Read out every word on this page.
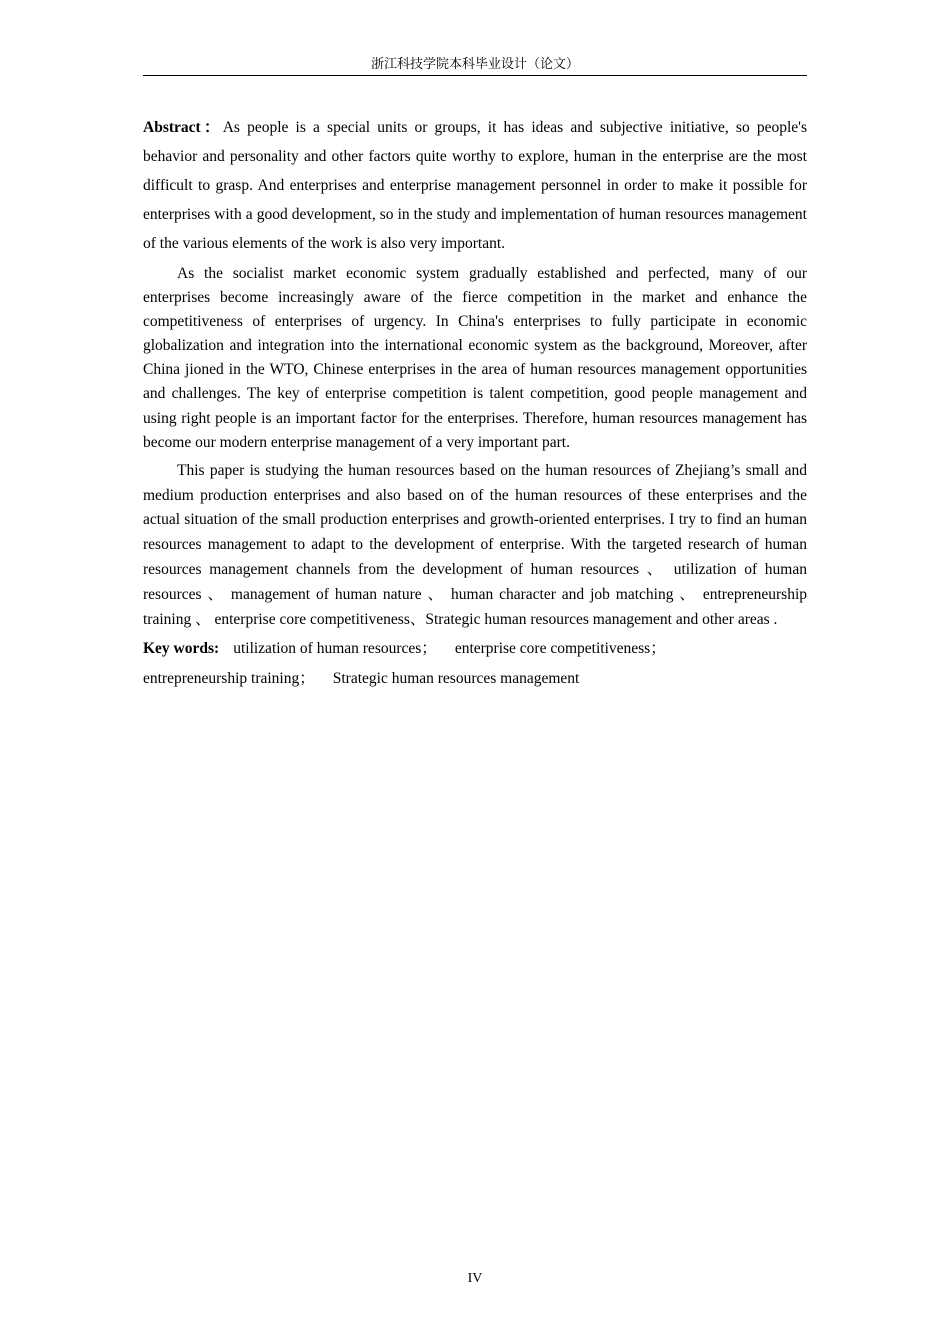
浙江科技学院本科毕业设计（论文）

Abstract：As people is a special units or groups, it has ideas and subjective initiative, so people's behavior and personality and other factors quite worthy to explore, human in the enterprise are the most difficult to grasp. And enterprises and enterprise management personnel in order to make it possible for enterprises with a good development, so in the study and implementation of human resources management of the various elements of the work is also very important.

As the socialist market economic system gradually established and perfected, many of our enterprises become increasingly aware of the fierce competition in the market and enhance the competitiveness of enterprises of urgency. In China's enterprises to fully participate in economic globalization and integration into the international economic system as the background, Moreover, after China jioned in the WTO, Chinese enterprises in the area of human resources management opportunities and challenges. The key of enterprise competition is talent competition, good people management and using right people is an important factor for the enterprises. Therefore, human resources management has become our modern enterprise management of a very important part.

This paper is studying the human resources based on the human resources of Zhejiang’s small and medium production enterprises and also based on of the human resources of these enterprises and the actual situation of the small production enterprises and growth-oriented enterprises. I try to find an human resources management to adapt to the development of enterprise. With the targeted research of human resources management channels from the development of human resources 、 utilization of human resources 、 management of human nature 、 human character and job matching 、 entrepreneurship training 、 enterprise core competitiveness、Strategic human resources management and other areas .

Key words: utilization of human resources； enterprise core competitiveness；
entrepreneurship training； Strategic human resources management

IV
